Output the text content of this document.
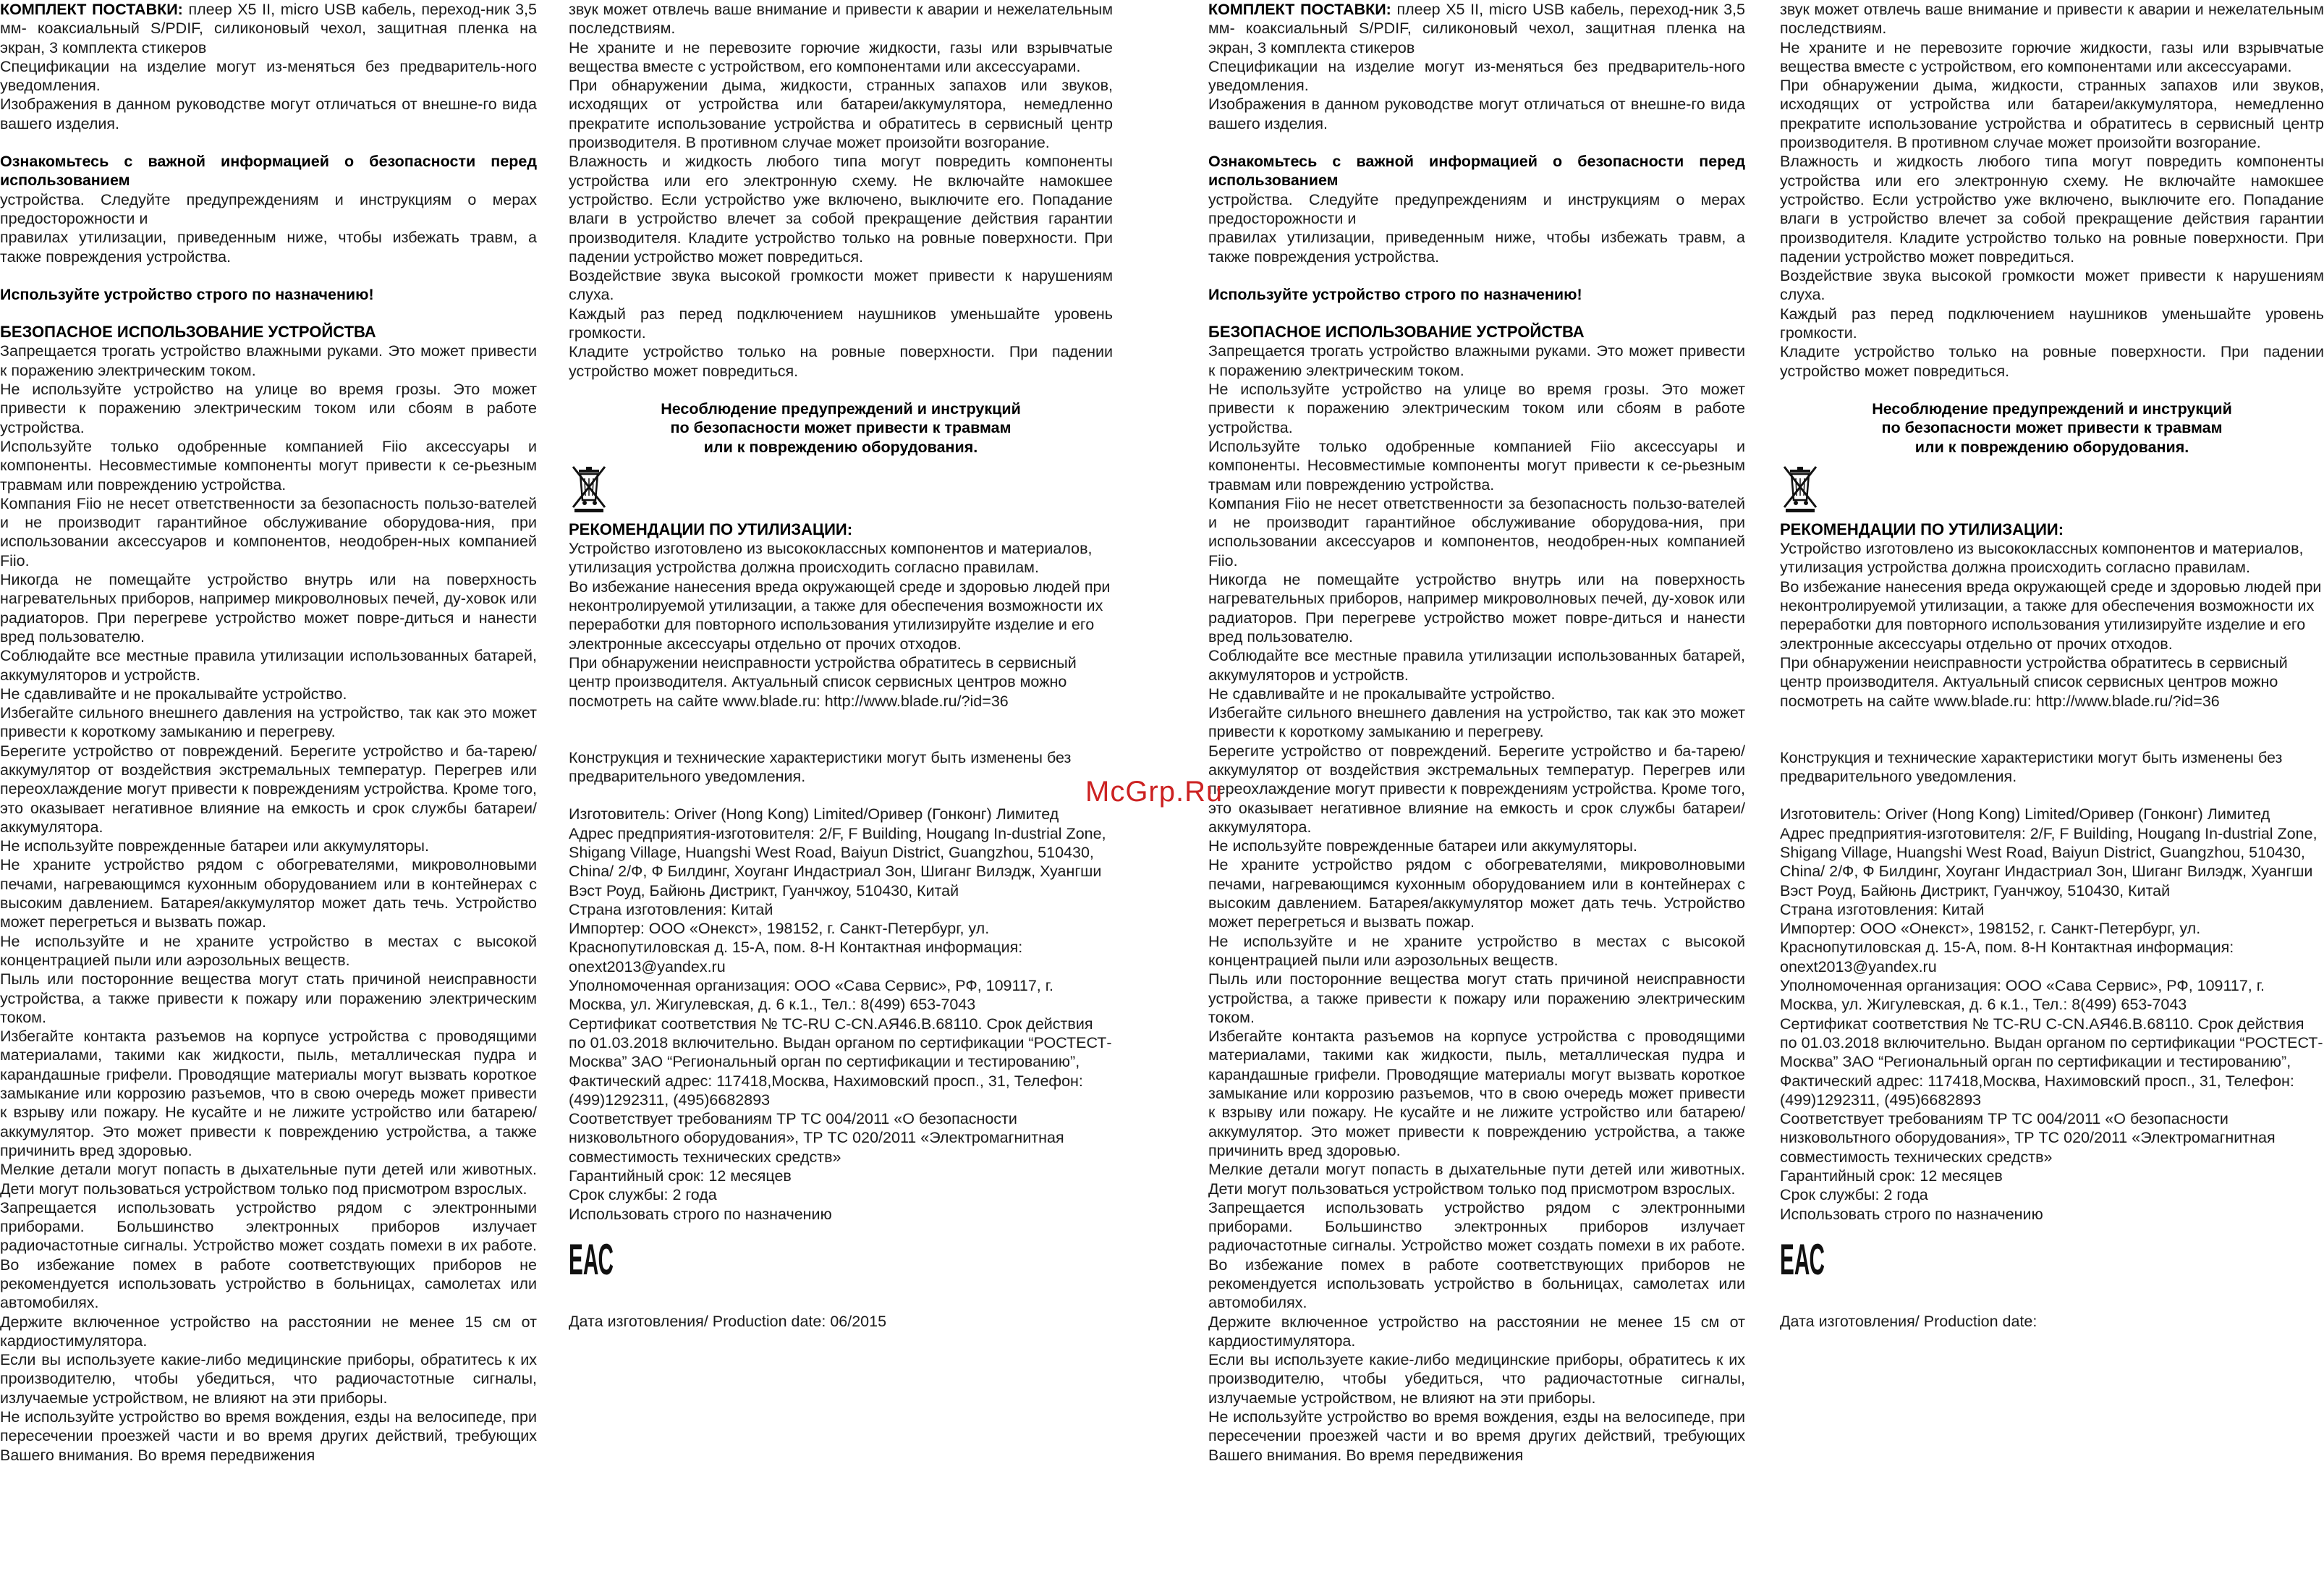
КОМПЛЕКТ ПОСТАВКИ: плеер X5 II, micro USB кабель, переход-ник 3,5 мм- коаксиальный S/PDIF, силиконовый чехол, защитная пленка на экран, 3 комплекта стикеров

Спецификации на изделие могут из-меняться без предваритель-ного уведомления.

Изображения в данном руководстве могут отличаться от внешне-го вида вашего изделия.

Ознакомьтесь с важной информацией о безопасности перед использованием

устройства. Следуйте предупреждениям и инструкциям о мерах предосторожности и

правилах утилизации, приведенным ниже, чтобы избежать травм, а также повреждения устройства.

Используйте устройство строго по назначению!

БЕЗОПАСНОЕ ИСПОЛЬЗОВАНИЕ УСТРОЙСТВА

Запрещается трогать устройство влажными руками. Это может привести к поражению электрическим током.

Не используйте устройство на улице во время грозы. Это может привести к поражению электрическим током или сбоям в работе устройства.

Используйте только одобренные компанией Fiio аксессуары и компоненты. Несовместимые компоненты могут привести к се-рьезным травмам или повреждению устройства.

Компания Fiio не несет ответственности за безопасность пользо-вателей и не производит гарантийное обслуживание оборудова-ния, при использовании аксессуаров и компонентов, неодобрен-ных компанией Fiio.

Никогда не помещайте устройство внутрь или на поверхность нагревательных приборов, например микроволновых печей, ду-ховок или радиаторов. При перегреве устройство может повре-диться и нанести вред пользователю.

Соблюдайте все местные правила утилизации использованных батарей, аккумуляторов и устройств.

Не сдавливайте и не прокалывайте устройство.

Избегайте сильного внешнего давления на устройство, так как это может привести к короткому замыканию и перегреву.

Берегите устройство от повреждений. Берегите устройство и ба-тарею/аккумулятор от воздействия экстремальных температур. Перегрев или переохлаждение могут привести к повреждениям устройства. Кроме того, это оказывает негативное влияние на емкость и срок службы батареи/аккумулятора.

Не используйте поврежденные батареи или аккумуляторы.

Не храните устройство рядом с обогревателями, микроволновыми печами, нагревающимся кухонным оборудованием или в контейнерах с высоким давлением. Батарея/аккумулятор может дать течь. Устройство может перегреться и вызвать пожар.

Не используйте и не храните устройство в местах с высокой концентрацией пыли или аэрозольных веществ.

Пыль или посторонние вещества могут стать причиной неисправности устройства, а также привести к пожару или поражению электрическим током.

Избегайте контакта разъемов на корпусе устройства с проводящими материалами, такими как жидкости, пыль, металлическая пудра и карандашные грифели. Проводящие материалы могут вызвать короткое замыкание или коррозию разъемов, что в свою очередь может привести к взрыву или пожару. Не кусайте и не лижите устройство или батарею/аккумулятор. Это может привести к повреждению устройства, а также причинить вред здоровью.

Мелкие детали могут попасть в дыхательные пути детей или животных. Дети могут пользоваться устройством только под присмотром взрослых.

Запрещается использовать устройство рядом с электронными приборами. Большинство электронных приборов излучает радиочастотные сигналы. Устройство может создать помехи в их работе. Во избежание помех в работе соответствующих приборов не рекомендуется использовать устройство в больницах, самолетах или автомобилях.

Держите включенное устройство на расстоянии не менее 15 см от кардиостимулятора.

Если вы используете какие-либо медицинские приборы, обратитесь к их производителю, чтобы убедиться, что радиочастотные сигналы, излучаемые устройством, не влияют на эти приборы.

Не используйте устройство во время вождения, езды на велосипеде, при пересечении проезжей части и во время других действий, требующих Вашего внимания. Во время передвижения

звук может отвлечь ваше внимание и привести к аварии и нежелательным последствиям.

Не храните и не перевозите горючие жидкости, газы или взрывчатые вещества вместе с устройством, его компонентами или аксессуарами.

При обнаружении дыма, жидкости, странных запахов или звуков, исходящих от устройства или батареи/аккумулятора, немедленно прекратите использование устройства и обратитесь в сервисный центр производителя. В противном случае может произойти возгорание.

Влажность и жидкость любого типа могут повредить компоненты устройства или его электронную схему. Не включайте намокшее устройство. Если устройство уже включено, выключите его. Попадание влаги в устройство влечет за собой прекращение действия гарантии производителя. Кладите устройство только на ровные поверхности. При падении устройство может повредиться.

Воздействие звука высокой громкости может привести к нарушениям слуха.

Каждый раз перед подключением наушников уменьшайте уровень громкости.

Кладите устройство только на ровные поверхности. При падении устройство может повредиться.

Несоблюдение предупреждений и инструкций

по безопасности может привести к травмам

или к повреждению оборудования.

РЕКОМЕНДАЦИИ ПО УТИЛИЗАЦИИ:

Устройство изготовлено из высококлассных компонентов и материалов, утилизация устройства должна происходить согласно правилам.

Во избежание нанесения вреда окружающей среде и здоровью людей при неконтролируемой утилизации, а также для обеспечения возможности их переработки для повторного использования утилизируйте изделие и его электронные аксессуары отдельно от прочих отходов.

При обнаружении неисправности устройства обратитесь в сервисный центр производителя. Актуальный список сервисных центров можно посмотреть на сайте www.blade.ru: http://www.blade.ru/?id=36

Конструкция и технические характеристики могут быть изменены без предварительного уведомления.

Изготовитель: Oriver (Hong Kong) Limited/Оривер (Гонконг) Лимитед

Адрес предприятия-изготовителя: 2/F, F Building, Hougang In-dustrial Zone, Shigang Village, Huangshi West Road, Baiyun District, Guangzhou, 510430, China/ 2/Ф, Ф Билдинг, Хоуганг Индастриал Зон, Шиганг Вилэдж, Хуангши Вэст Роуд, Байюнь Дистрикт, Гуанчжоу, 510430, Китай

Страна изготовления: Китай

Импортер: ООО «Онекст», 198152, г. Санкт-Петербург, ул. Краснопутиловская д. 15-А, пом. 8-Н Контактная информация: onext2013@yandex.ru

Уполномоченная организация: ООО «Сава Сервис», РФ, 109117, г. Москва, ул. Жигулевская, д. 6 к.1., Тел.: 8(499) 653-7043

Сертификат соответствия № TC-RU C-CN.АЯ46.В.68110. Срок действия по 01.03.2018 включительно. Выдан органом по сертификации “РОСТЕСТ- Москва” ЗАО “Региональный орган по сертификации и тестированию”, Фактический адрес: 117418,Москва, Нахимовский просп., 31, Телефон: (499)1292311, (495)6682893

Соответствует требованиям ТР ТС 004/2011 «О безопасности низковольтного оборудования», ТР ТС 020/2011 «Электромагнитная совместимость технических средств»

Гарантийный срок: 12 месяцев

Срок службы: 2 года

Использовать строго по назначению

ЕАС

Дата изготовления/ Production date: 06/2015

КОМПЛЕКТ ПОСТАВКИ: плеер X5 II, micro USB кабель, переход-ник 3,5 мм- коаксиальный S/PDIF, силиконовый чехол, защитная пленка на экран, 3 комплекта стикеров

Спецификации на изделие могут из-меняться без предваритель-ного уведомления.

Изображения в данном руководстве могут отличаться от внешне-го вида вашего изделия.

Ознакомьтесь с важной информацией о безопасности перед использованием

устройства. Следуйте предупреждениям и инструкциям о мерах предосторожности и

правилах утилизации, приведенным ниже, чтобы избежать травм, а также повреждения устройства.

Используйте устройство строго по назначению!

БЕЗОПАСНОЕ ИСПОЛЬЗОВАНИЕ УСТРОЙСТВА

Запрещается трогать устройство влажными руками. Это может привести к поражению электрическим током.

Не используйте устройство на улице во время грозы. Это может привести к поражению электрическим током или сбоям в работе устройства.

Используйте только одобренные компанией Fiio аксессуары и компоненты. Несовместимые компоненты могут привести к се-рьезным травмам или повреждению устройства.

Компания Fiio не несет ответственности за безопасность пользо-вателей и не производит гарантийное обслуживание оборудова-ния, при использовании аксессуаров и компонентов, неодобрен-ных компанией Fiio.

Никогда не помещайте устройство внутрь или на поверхность нагревательных приборов, например микроволновых печей, ду-ховок или радиаторов. При перегреве устройство может повре-диться и нанести вред пользователю.

Соблюдайте все местные правила утилизации использованных батарей, аккумуляторов и устройств.

Не сдавливайте и не прокалывайте устройство.

Избегайте сильного внешнего давления на устройство, так как это может привести к короткому замыканию и перегреву.

Берегите устройство от повреждений. Берегите устройство и ба-тарею/аккумулятор от воздействия экстремальных температур. Перегрев или переохлаждение могут привести к повреждениям устройства. Кроме того, это оказывает негативное влияние на емкость и срок службы батареи/аккумулятора.

Не используйте поврежденные батареи или аккумуляторы.

Не храните устройство рядом с обогревателями, микроволновыми печами, нагревающимся кухонным оборудованием или в контейнерах с высоким давлением. Батарея/аккумулятор может дать течь. Устройство может перегреться и вызвать пожар.

Не используйте и не храните устройство в местах с высокой концентрацией пыли или аэрозольных веществ.

Пыль или посторонние вещества могут стать причиной неисправности устройства, а также привести к пожару или поражению электрическим током.

Избегайте контакта разъемов на корпусе устройства с проводящими материалами, такими как жидкости, пыль, металлическая пудра и карандашные грифели. Проводящие материалы могут вызвать короткое замыкание или коррозию разъемов, что в свою очередь может привести к взрыву или пожару. Не кусайте и не лижите устройство или батарею/аккумулятор. Это может привести к повреждению устройства, а также причинить вред здоровью.

Мелкие детали могут попасть в дыхательные пути детей или животных. Дети могут пользоваться устройством только под присмотром взрослых.

Запрещается использовать устройство рядом с электронными приборами. Большинство электронных приборов излучает радиочастотные сигналы. Устройство может создать помехи в их работе. Во избежание помех в работе соответствующих приборов не рекомендуется использовать устройство в больницах, самолетах или автомобилях.

Держите включенное устройство на расстоянии не менее 15 см от кардиостимулятора.

Если вы используете какие-либо медицинские приборы, обратитесь к их производителю, чтобы убедиться, что радиочастотные сигналы, излучаемые устройством, не влияют на эти приборы.

Не используйте устройство во время вождения, езды на велосипеде, при пересечении проезжей части и во время других действий, требующих Вашего внимания. Во время передвижения

звук может отвлечь ваше внимание и привести к аварии и нежелательным последствиям.

Не храните и не перевозите горючие жидкости, газы или взрывчатые вещества вместе с устройством, его компонентами или аксессуарами.

При обнаружении дыма, жидкости, странных запахов или звуков, исходящих от устройства или батареи/аккумулятора, немедленно прекратите использование устройства и обратитесь в сервисный центр производителя. В противном случае может произойти возгорание.

Влажность и жидкость любого типа могут повредить компоненты устройства или его электронную схему. Не включайте намокшее устройство. Если устройство уже включено, выключите его. Попадание влаги в устройство влечет за собой прекращение действия гарантии производителя. Кладите устройство только на ровные поверхности. При падении устройство может повредиться.

Воздействие звука высокой громкости может привести к нарушениям слуха.

Каждый раз перед подключением наушников уменьшайте уровень громкости.

Кладите устройство только на ровные поверхности. При падении устройство может повредиться.

Несоблюдение предупреждений и инструкций

по безопасности может привести к травмам

или к повреждению оборудования.

РЕКОМЕНДАЦИИ ПО УТИЛИЗАЦИИ:

Устройство изготовлено из высококлассных компонентов и материалов, утилизация устройства должна происходить согласно правилам.

Во избежание нанесения вреда окружающей среде и здоровью людей при неконтролируемой утилизации, а также для обеспечения возможности их переработки для повторного использования утилизируйте изделие и его электронные аксессуары отдельно от прочих отходов.

При обнаружении неисправности устройства обратитесь в сервисный центр производителя. Актуальный список сервисных центров можно посмотреть на сайте www.blade.ru: http://www.blade.ru/?id=36

Конструкция и технические характеристики могут быть изменены без предварительного уведомления.

Изготовитель: Oriver (Hong Kong) Limited/Оривер (Гонконг) Лимитед

Адрес предприятия-изготовителя: 2/F, F Building, Hougang In-dustrial Zone, Shigang Village, Huangshi West Road, Baiyun District, Guangzhou, 510430, China/ 2/Ф, Ф Билдинг, Хоуганг Индастриал Зон, Шиганг Вилэдж, Хуангши Вэст Роуд, Байюнь Дистрикт, Гуанчжоу, 510430, Китай

Страна изготовления: Китай

Импортер: ООО «Онекст», 198152, г. Санкт-Петербург, ул. Краснопутиловская д. 15-А, пом. 8-Н Контактная информация: onext2013@yandex.ru

Уполномоченная организация: ООО «Сава Сервис», РФ, 109117, г. Москва, ул. Жигулевская, д. 6 к.1., Тел.: 8(499) 653-7043

Сертификат соответствия № TC-RU C-CN.АЯ46.В.68110. Срок действия по 01.03.2018 включительно. Выдан органом по сертификации “РОСТЕСТ- Москва” ЗАО “Региональный орган по сертификации и тестированию”, Фактический адрес: 117418,Москва, Нахимовский просп., 31, Телефон: (499)1292311, (495)6682893

Соответствует требованиям ТР ТС 004/2011 «О безопасности низковольтного оборудования», ТР ТС 020/2011 «Электромагнитная совместимость технических средств»

Гарантийный срок: 12 месяцев

Срок службы: 2 года

Использовать строго по назначению

ЕАС

Дата изготовления/ Production date:

McGrp.Ru
